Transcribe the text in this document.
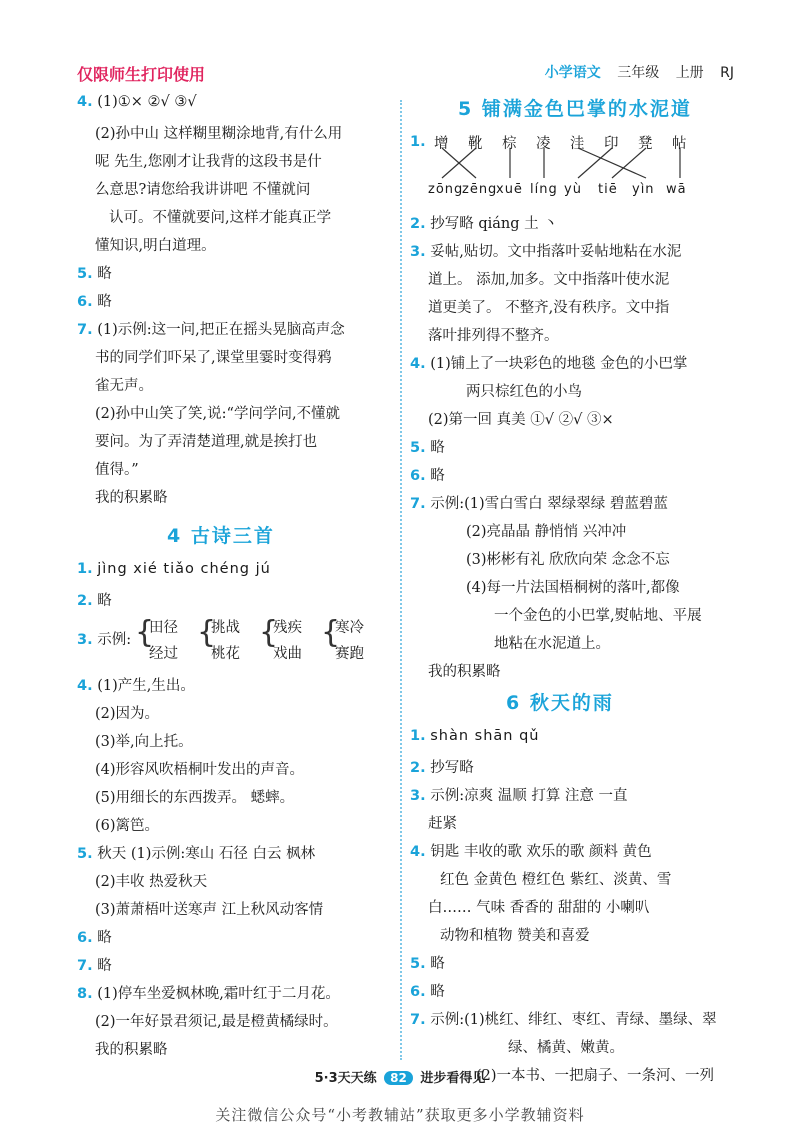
仅限师生打印使用	小学语文 三年级 上册 RJ
4. (1)①× ②√ ③√
(2)孙中山 这样糊里糊涂地背,有什么用
呢 先生,您刚才让我背的这段书是什
么意思?请您给我讲讲吧 不懂就问
认可。不懂就要问,这样才能真正学
懂知识,明白道理。
5. 略
6. 略
7. (1)示例:这一问,把正在摇头晃脑高声念
书的同学们吓呆了,课堂里霎时变得鸦
雀无声。
(2)孙中山笑了笑,说:“学问学问,不懂就
要问。为了弄清楚道理,就是挨打也
值得。”
我的积累略
4 古诗三首
1. jìng xié tiǎo chéng jú
2. 略
3. 示例: {
田径
经过
{
挑战
桃花
{
残疾
戏曲
{
寒冷
赛跑
4. (1)产生,生出。
(2)因为。
(3)举,向上托。
(4)形容风吹梧桐叶发出的声音。
(5)用细长的东西拨弄。 蟋蟀。
(6)篱笆。
5. 秋天 (1)示例:寒山 石径 白云 枫林
(2)丰收 热爱秋天
(3)萧萧梧叶送寒声 江上秋风动客情
6. 略
7. 略
8. (1)停车坐爱枫林晚,霜叶红于二月花。
(2)一年好景君须记,最是橙黄橘绿时。
我的积累略
5 铺满金色巴掌的水泥道
1.
2. 抄写略 qiáng 土 丶
3. 妥帖,贴切。文中指落叶妥帖地粘在水泥
道上。 添加,加多。文中指落叶使水泥
道更美了。 不整齐,没有秩序。文中指
落叶排列得不整齐。
4. (1)铺上了一块彩色的地毯 金色的小巴掌
两只棕红色的小鸟
(2)第一回 真美 ①√ ②√ ③×
5. 略
6. 略
7. 示例:(1)雪白雪白 翠绿翠绿 碧蓝碧蓝
(2)亮晶晶 静悄悄 兴冲冲
(3)彬彬有礼 欣欣向荣 念念不忘
(4)每一片法国梧桐树的落叶,都像
一个金色的小巴掌,熨帖地、平展
地粘在水泥道上。
我的积累略
6 秋天的雨
1. shàn shān qǔ
2. 抄写略
3. 示例:凉爽 温顺 打算 注意 一直
赶紧
4. 钥匙 丰收的歌 欢乐的歌 颜料 黄色
红色 金黄色 橙红色 紫红、淡黄、雪
白…… 气味 香香的 甜甜的 小喇叭
动物和植物 赞美和喜爱
5. 略
6. 略
7. 示例:(1)桃红、绯红、枣红、青绿、墨绿、翠
绿、橘黄、嫩黄。
(2)一本书、一把扇子、一条河、一列
增 靴 棕 凌 洼 印 凳 帖
zōng
zēng
xuē líng yù tiē yìn wā
5·3天天练 82 进步看得见
关注微信公众号“小考教辅站”获取更多小学教辅资料
